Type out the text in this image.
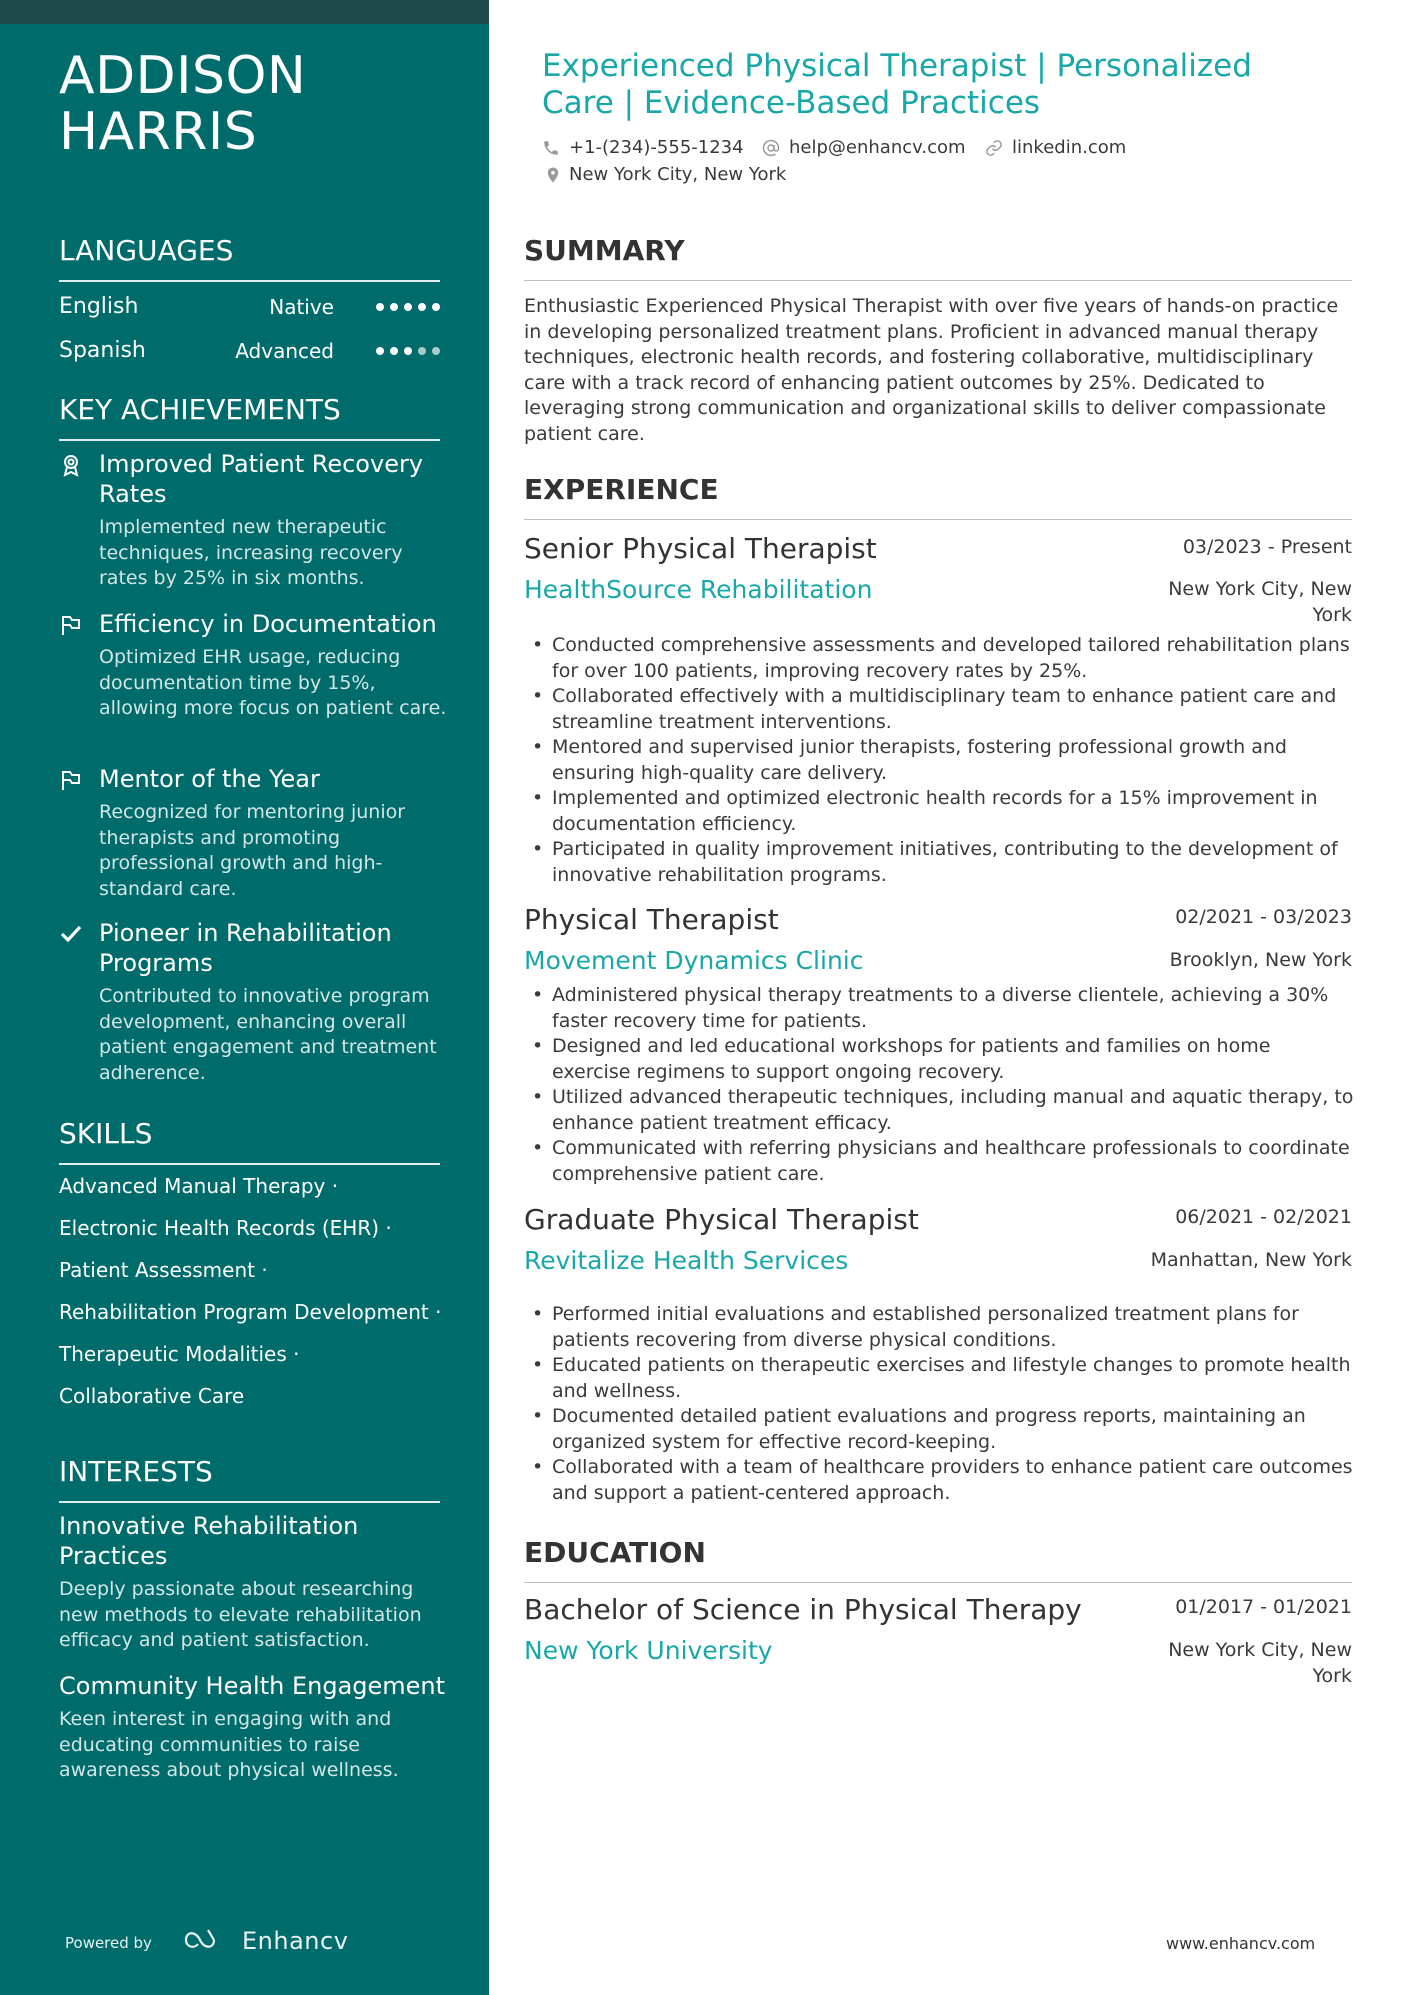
ADDISON
HARRIS
LANGUAGES
English	Native
Spanish	Advanced
KEY ACHIEVEMENTS
Improved Patient Recovery Rates
Implemented new therapeutic techniques, increasing recovery rates by 25% in six months.
Efficiency in Documentation
Optimized EHR usage, reducing documentation time by 15%, allowing more focus on patient care.
Mentor of the Year
Recognized for mentoring junior therapists and promoting professional growth and high-standard care.
Pioneer in Rehabilitation Programs
Contributed to innovative program development, enhancing overall patient engagement and treatment adherence.
SKILLS
Advanced Manual Therapy ·
Electronic Health Records (EHR) ·
Patient Assessment ·
Rehabilitation Program Development ·
Therapeutic Modalities ·
Collaborative Care
INTERESTS
Innovative Rehabilitation Practices
Deeply passionate about researching new methods to elevate rehabilitation efficacy and patient satisfaction.
Community Health Engagement
Keen interest in engaging with and educating communities to raise awareness about physical wellness.
Powered by	Enhancv
Experienced Physical Therapist | Personalized Care | Evidence-Based Practices
+1-(234)-555-1234	help@enhancv.com	linkedin.com
New York City, New York
SUMMARY

Enthusiastic Experienced Physical Therapist with over five years of hands-on practice in developing personalized treatment plans. Proficient in advanced manual therapy techniques, electronic health records, and fostering collaborative, multidisciplinary care with a track record of enhancing patient outcomes by 25%. Dedicated to leveraging strong communication and organizational skills to deliver compassionate patient care.

EXPERIENCE
Senior Physical Therapist	03/2023 - Present
HealthSource Rehabilitation	New York City, New York
• Conducted comprehensive assessments and developed tailored rehabilitation plans for over 100 patients, improving recovery rates by 25%.
• Collaborated effectively with a multidisciplinary team to enhance patient care and streamline treatment interventions.
• Mentored and supervised junior therapists, fostering professional growth and ensuring high-quality care delivery.
• Implemented and optimized electronic health records for a 15% improvement in documentation efficiency.
• Participated in quality improvement initiatives, contributing to the development of innovative rehabilitation programs.
Physical Therapist	02/2021 - 03/2023
Movement Dynamics Clinic	Brooklyn, New York
• Administered physical therapy treatments to a diverse clientele, achieving a 30% faster recovery time for patients.
• Designed and led educational workshops for patients and families on home exercise regimens to support ongoing recovery.
• Utilized advanced therapeutic techniques, including manual and aquatic therapy, to enhance patient treatment efficacy.
• Communicated with referring physicians and healthcare professionals to coordinate comprehensive patient care.
Graduate Physical Therapist	06/2021 - 02/2021
Revitalize Health Services	Manhattan, New York
• Performed initial evaluations and established personalized treatment plans for patients recovering from diverse physical conditions.
• Educated patients on therapeutic exercises and lifestyle changes to promote health and wellness.
• Documented detailed patient evaluations and progress reports, maintaining an organized system for effective record-keeping.
• Collaborated with a team of healthcare providers to enhance patient care outcomes and support a patient-centered approach.
EDUCATION
Bachelor of Science in Physical Therapy	01/2017 - 01/2021
New York University	New York City, New York
www.enhancv.com
